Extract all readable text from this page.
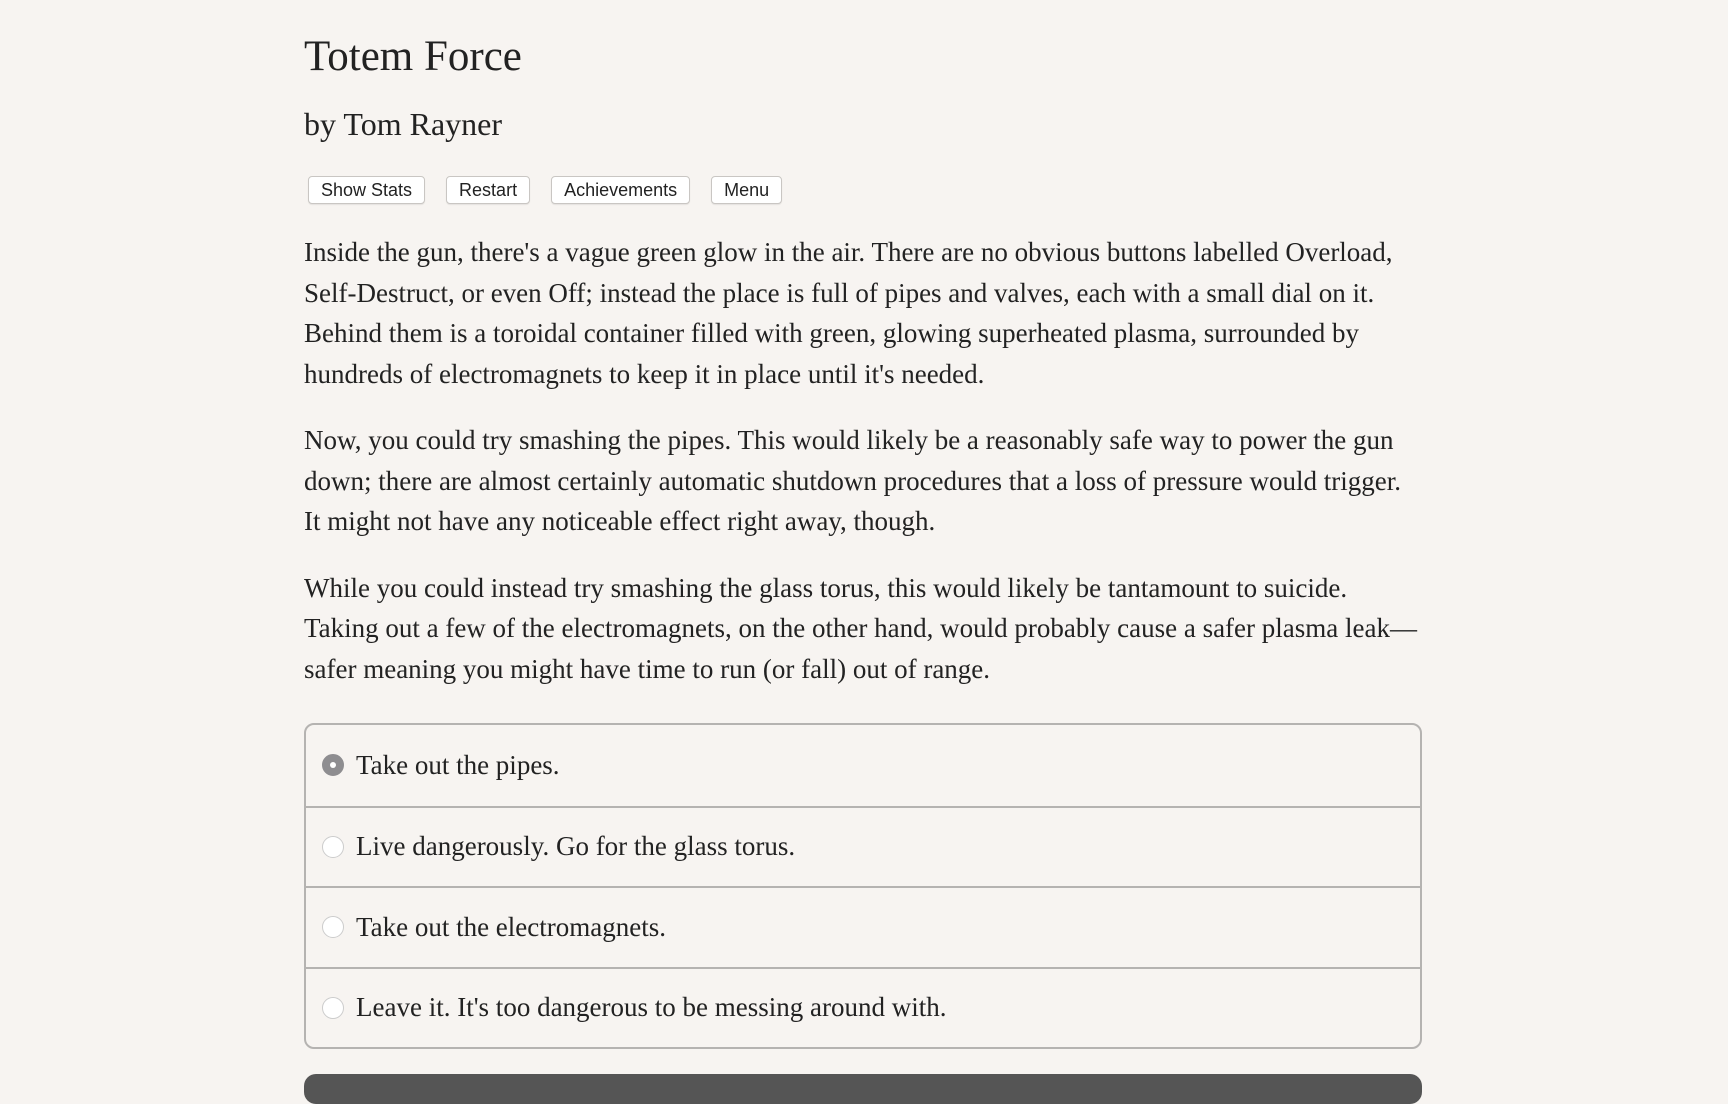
Totem Force
by Tom Rayner
Show Stats	Restart	Achievements	Menu

Inside the gun, there's a vague green glow in the air. There are no obvious buttons labelled Overload, Self-Destruct, or even Off; instead the place is full of pipes and valves, each with a small dial on it. Behind them is a toroidal container filled with green, glowing superheated plasma, surrounded by hundreds of electromagnets to keep it in place until it's needed.

Now, you could try smashing the pipes. This would likely be a reasonably safe way to power the gun down; there are almost certainly automatic shutdown procedures that a loss of pressure would trigger. It might not have any noticeable effect right away, though.

While you could instead try smashing the glass torus, this would likely be tantamount to suicide. Taking out a few of the electromagnets, on the other hand, would probably cause a safer plasma leak—safer meaning you might have time to run (or fall) out of range.

Take out the pipes.
Live dangerously. Go for the glass torus.
Take out the electromagnets.
Leave it. It's too dangerous to be messing around with.
